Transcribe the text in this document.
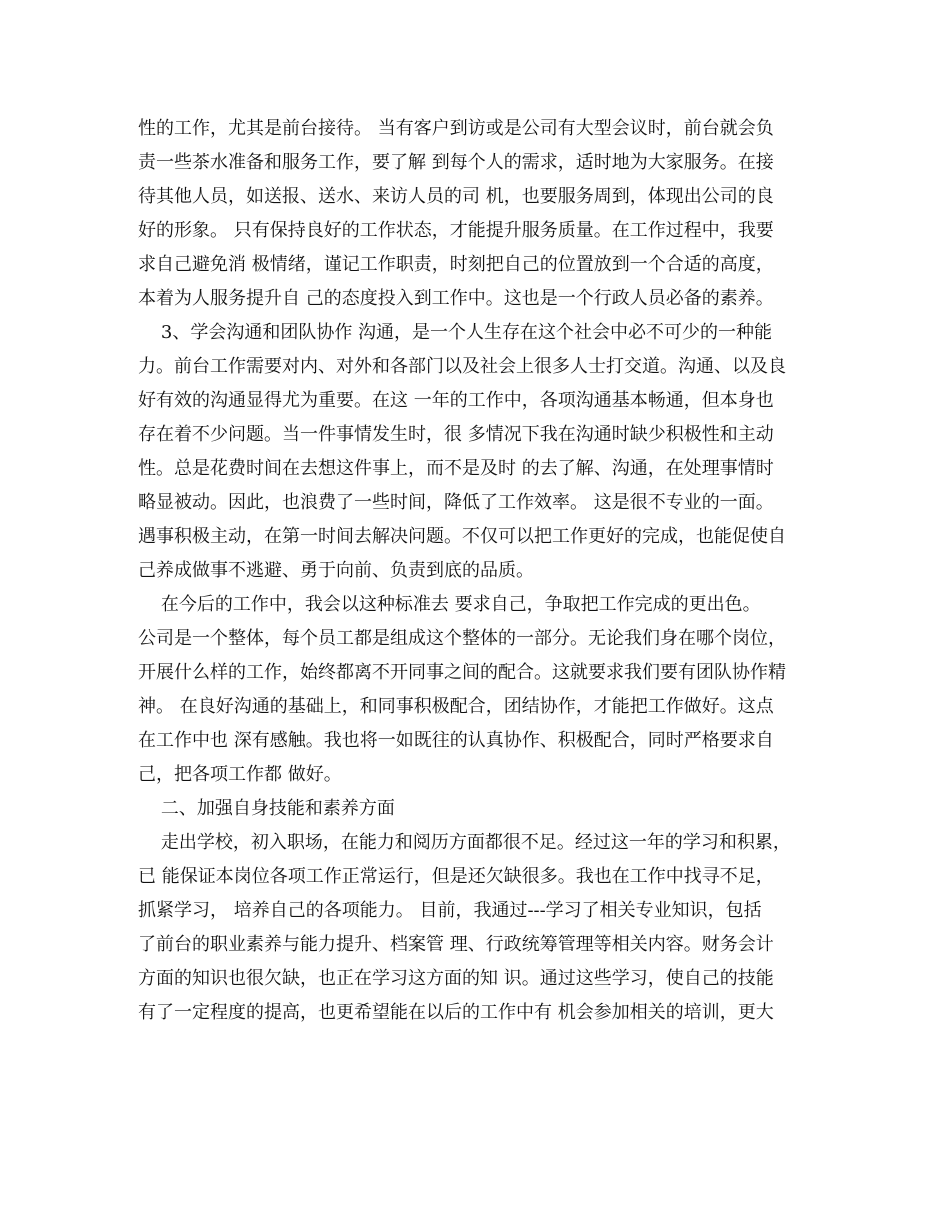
性的工作，尤其是前台接待。 当有客户到访或是公司有大型会议时，前台就会负
责一些茶水准备和服务工作，要了解 到每个人的需求，适时地为大家服务。在接
待其他人员，如送报、送水、来访人员的司 机，也要服务周到，体现出公司的良
好的形象。 只有保持良好的工作状态，才能提升服务质量。在工作过程中，我要
求自己避免消 极情绪，谨记工作职责，时刻把自己的位置放到一个合适的高度，
本着为人服务提升自 己的态度投入到工作中。这也是一个行政人员必备的素养。
3、学会沟通和团队协作 沟通，是一个人生存在这个社会中必不可少的一种能
力。前台工作需要对内、对外和各部门以及社会上很多人士打交道。沟通、以及良
好有效的沟通显得尤为重要。在这 一年的工作中，各项沟通基本畅通，但本身也
存在着不少问题。当一件事情发生时，很 多情况下我在沟通时缺少积极性和主动
性。总是花费时间在去想这件事上，而不是及时 的去了解、沟通，在处理事情时
略显被动。因此，也浪费了一些时间，降低了工作效率。 这是很不专业的一面。
遇事积极主动，在第一时间去解决问题。不仅可以把工作更好的完成，也能促使自
己养成做事不逃避、勇于向前、负责到底的品质。
在今后的工作中，我会以这种标准去 要求自己，争取把工作完成的更出色。
公司是一个整体，每个员工都是组成这个整体的一部分。无论我们身在哪个岗位，
开展什么样的工作，始终都离不开同事之间的配合。这就要求我们要有团队协作精
神。 在良好沟通的基础上，和同事积极配合，团结协作，才能把工作做好。这点
在工作中也 深有感触。我也将一如既往的认真协作、积极配合，同时严格要求自
己，把各项工作都 做好。
二、加强自身技能和素养方面
走出学校，初入职场，在能力和阅历方面都很不足。经过这一年的学习和积累，
已 能保证本岗位各项工作正常运行，但是还欠缺很多。我也在工作中找寻不足，
抓紧学习， 培养自己的各项能力。 目前，我通过---学习了相关专业知识，包括
了前台的职业素养与能力提升、档案管 理、行政统筹管理等相关内容。财务会计
方面的知识也很欠缺，也正在学习这方面的知 识。通过这些学习，使自己的技能
有了一定程度的提高，也更希望能在以后的工作中有 机会参加相关的培训，更大
